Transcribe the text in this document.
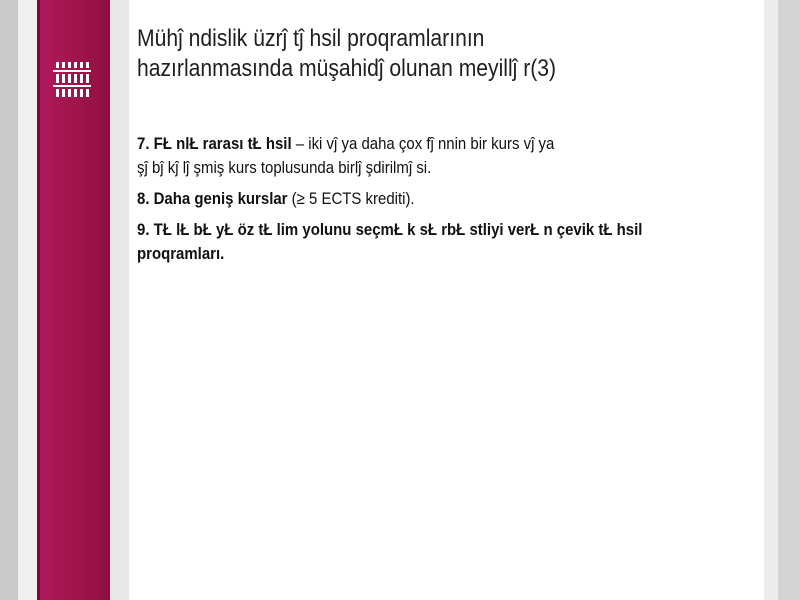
Mühĵ ndislik üzrĵ tĵ hsil proqramlarının
hazırlanmasında müşahidĵ olunan meyillĵ r(3)

7. FŁ nlŁ rarası tŁ hsil – iki vĵ ya daha çox fĵ nnin bir kurs vĵ ya
şĵ bĵ kĵ lĵ şmiş kurs toplusunda birlĵ şdirilmĵ si.

8. Daha geniş kurslar (≥ 5 ECTS krediti).

9. TŁ lŁ bŁ yŁ öz tŁ lim yolunu seçmŁ k sŁ rbŁ stliyi verŁ n çevik tŁ hsil
proqramları.
